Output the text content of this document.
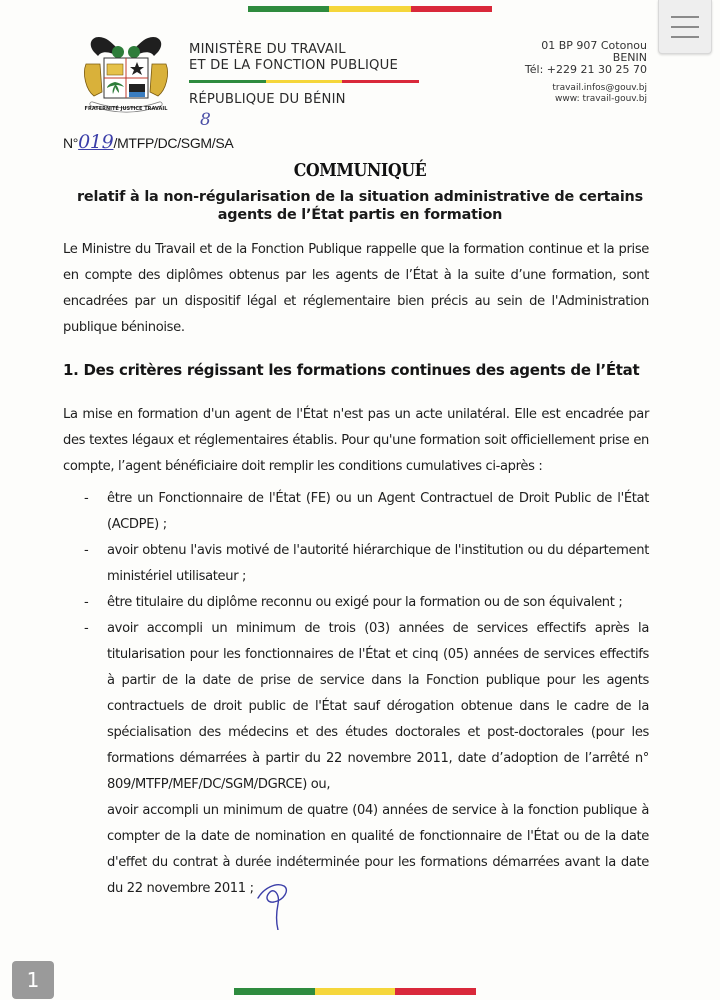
FRATERNITÉ JUSTICE TRAVAIL
MINISTÈRE DU TRAVAIL
ET DE LA FONCTION PUBLIQUE
RÉPUBLIQUE DU BÉNIN
01 BP 907 Cotonou
BENIN
Tél: +229 21 30 25 70
travail.infos@gouv.bj
www: travail-gouv.bj
8
N°019/MTFP/DC/SGM/SA
COMMUNIQUÉ
relatif à la non-régularisation de la situation administrative de certains
agents de l’État partis en formation
Le Ministre du Travail et de la Fonction Publique rappelle que la formation continue et la prise en compte des diplômes obtenus par les agents de l’État à la suite d’une formation, sont encadrées par un dispositif légal et réglementaire bien précis au sein de l'Administration publique béninoise.
1. Des critères régissant les formations continues des agents de l’État
La mise en formation d'un agent de l'État n'est pas un acte unilatéral. Elle est encadrée par des textes légaux et réglementaires établis. Pour qu'une formation soit officiellement prise en compte, l’agent bénéficiaire doit remplir les conditions cumulatives ci-après :
- être un Fonctionnaire de l'État (FE) ou un Agent Contractuel de Droit Public de l'État (ACDPE) ;
- avoir obtenu l'avis motivé de l'autorité hiérarchique de l'institution ou du département ministériel utilisateur ;
- être titulaire du diplôme reconnu ou exigé pour la formation ou de son équivalent ;
- avoir accompli un minimum de trois (03) années de services effectifs après la titularisation pour les fonctionnaires de l'État et cinq (05) années de services effectifs à partir de la date de prise de service dans la Fonction publique pour les agents contractuels de droit public de l'État sauf dérogation obtenue dans le cadre de la spécialisation des médecins et des études doctorales et post-doctorales (pour les formations démarrées à partir du 22 novembre 2011, date d’adoption de l’arrêté n° 809/MTFP/MEF/DC/SGM/DGRCE) ou,
avoir accompli un minimum de quatre (04) années de service à la fonction publique à compter de la date de nomination en qualité de fonctionnaire de l'État ou de la date d'effet du contrat à durée indéterminée pour les formations démarrées avant la date du 22 novembre 2011 ;
1
